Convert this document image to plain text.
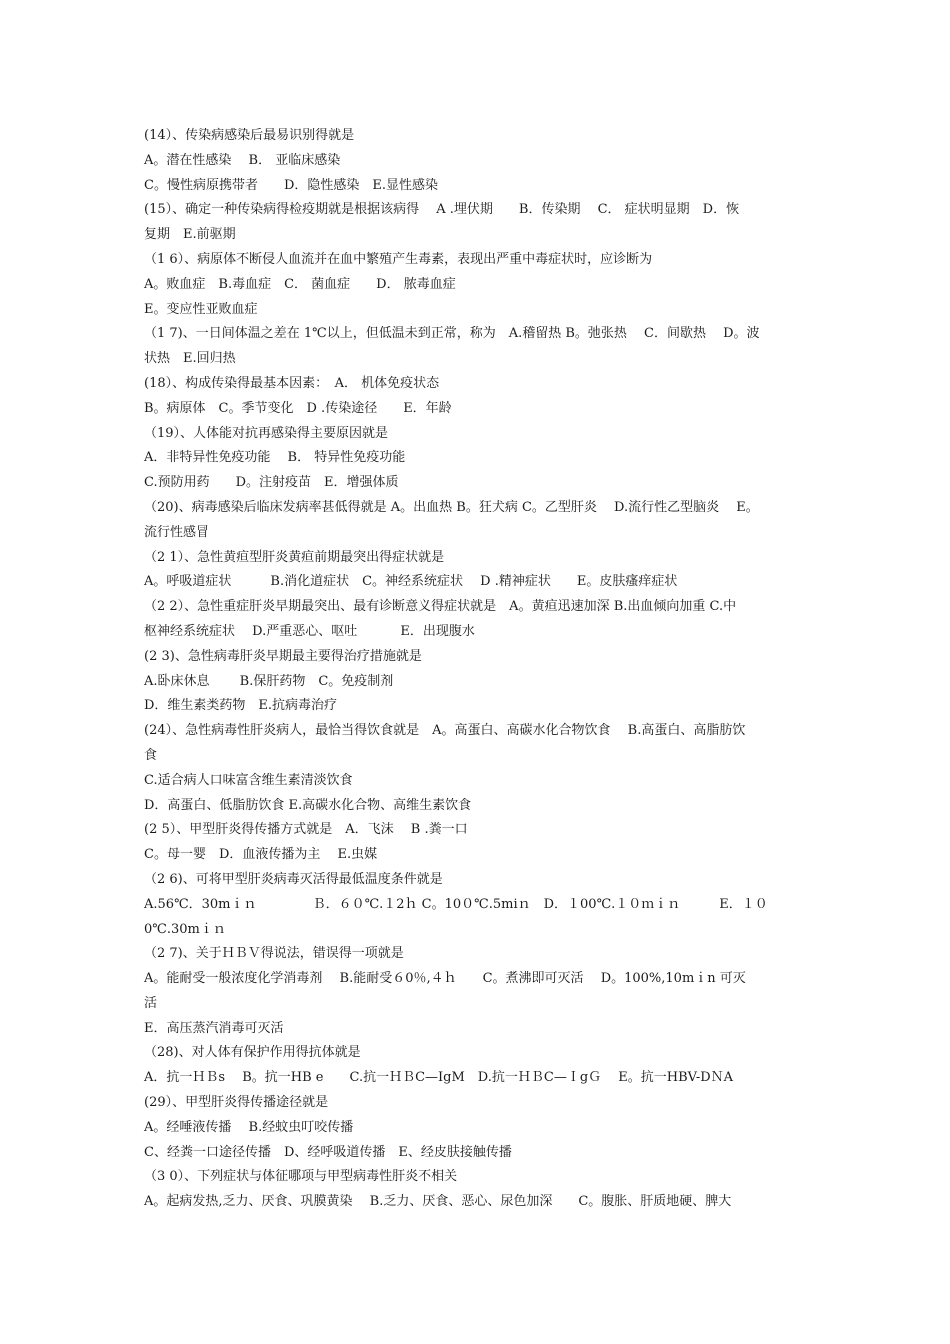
(14）、传染病感染后最易识别得就是
A。潜在性感染　 B． 亚临床感染
C。慢性病原携带者　　D．隐性感染　E.显性感染
(15）、确定一种传染病得检疫期就是根据该病得　 A .埋伏期　　B．传染期　 C． 症状明显期　D．恢
复期　E.前驱期
（1 6）、病原体不断侵人血流并在血中繁殖产生毒素，表现出严重中毒症状时，应诊断为
A。败血症　B.毒血症　C． 菌血症　　D． 脓毒血症
E。变应性亚败血症
（1 7)、一日间体温之差在 1℃以上，但低温未到正常，称为　A.稽留热 B。弛张热　 C．间歇热　 D。波
状热　E.回归热
(18）、构成传染得最基本因素：　A． 机体免疫状态
B。病原体　C。季节变化　D .传染途径　　E．年龄
（19）、人体能对抗再感染得主要原因就是
A．非特异性免疫功能　 B． 特异性免疫功能
C.预防用药　　D。注射疫苗　E．增强体质
（20)、病毒感染后临床发病率甚低得就是 A。出血热 B。狂犬病 C。乙型肝炎　 D.流行性乙型脑炎　 E。
流行性感冒
（2 1）、急性黄疸型肝炎黄疸前期最突出得症状就是
A。呼吸道症状　　　B.消化道症状　C。神经系统症状　 D .精神症状　　E。皮肤瘙痒症状
（2 2）、急性重症肝炎早期最突出、最有诊断意义得症状就是　A。黄疸迅速加深 B.出血倾向加重 C.中
枢神经系统症状　 D.严重恶心、呕吐　　　 E．出现腹水
(2 3)、急性病毒肝炎早期最主要得治疗措施就是
A.卧床休息　　 B.保肝药物　C。免疫制剂
D．维生素类药物　E.抗病毒治疗
(24）、急性病毒性肝炎病人，最恰当得饮食就是　A。高蛋白、高碳水化合物饮食　 B.高蛋白、高脂肪饮
食
C.适合病人口味富含维生素清淡饮食
D．高蛋白、低脂肪饮食 E.高碳水化合物、高维生素饮食
(2 5）、甲型肝炎得传播方式就是　A．飞沫　 B .粪一口
C。母一婴　D．血液传播为主　 E.虫媒
（2 6)、可将甲型肝炎病毒灭活得最低温度条件就是
A.56℃．30mｉｎ　　　　 Ｂ．６０℃.１2ｈ C。10０℃.5miｎ　D．１00℃.１０ｍｉｎ　　　E．１０
0℃.30mｉｎ
（2 7)、关于ＨＢＶ得说法，错误得一项就是
A。能耐受一般浓度化学消毒剂　 B.能耐受６0％,４ｈ　　C。煮沸即可灭活　 D。100%,10mｉn 可灭
活
E．高压蒸汽消毒可灭活
（28)、对人体有保护作用得抗体就是
A．抗一ＨＢs　 B。抗一HB e　　C.抗一ＨＢC—IgM　D.抗一ＨＢC—ＩgＧ　 E。抗一HBV-DＮA
(29）、甲型肝炎得传播途径就是
A。经唾液传播　 B.经蚊虫叮咬传播
C、经粪一口途径传播　D、经呼吸道传播　E、经皮肤接触传播
（3 0）、下列症状与体征哪项与甲型病毒性肝炎不相关
A。起病发热,乏力、厌食、巩膜黄染　 B.乏力、厌食、恶心、尿色加深　　C。腹胀、肝质地硬、脾大
